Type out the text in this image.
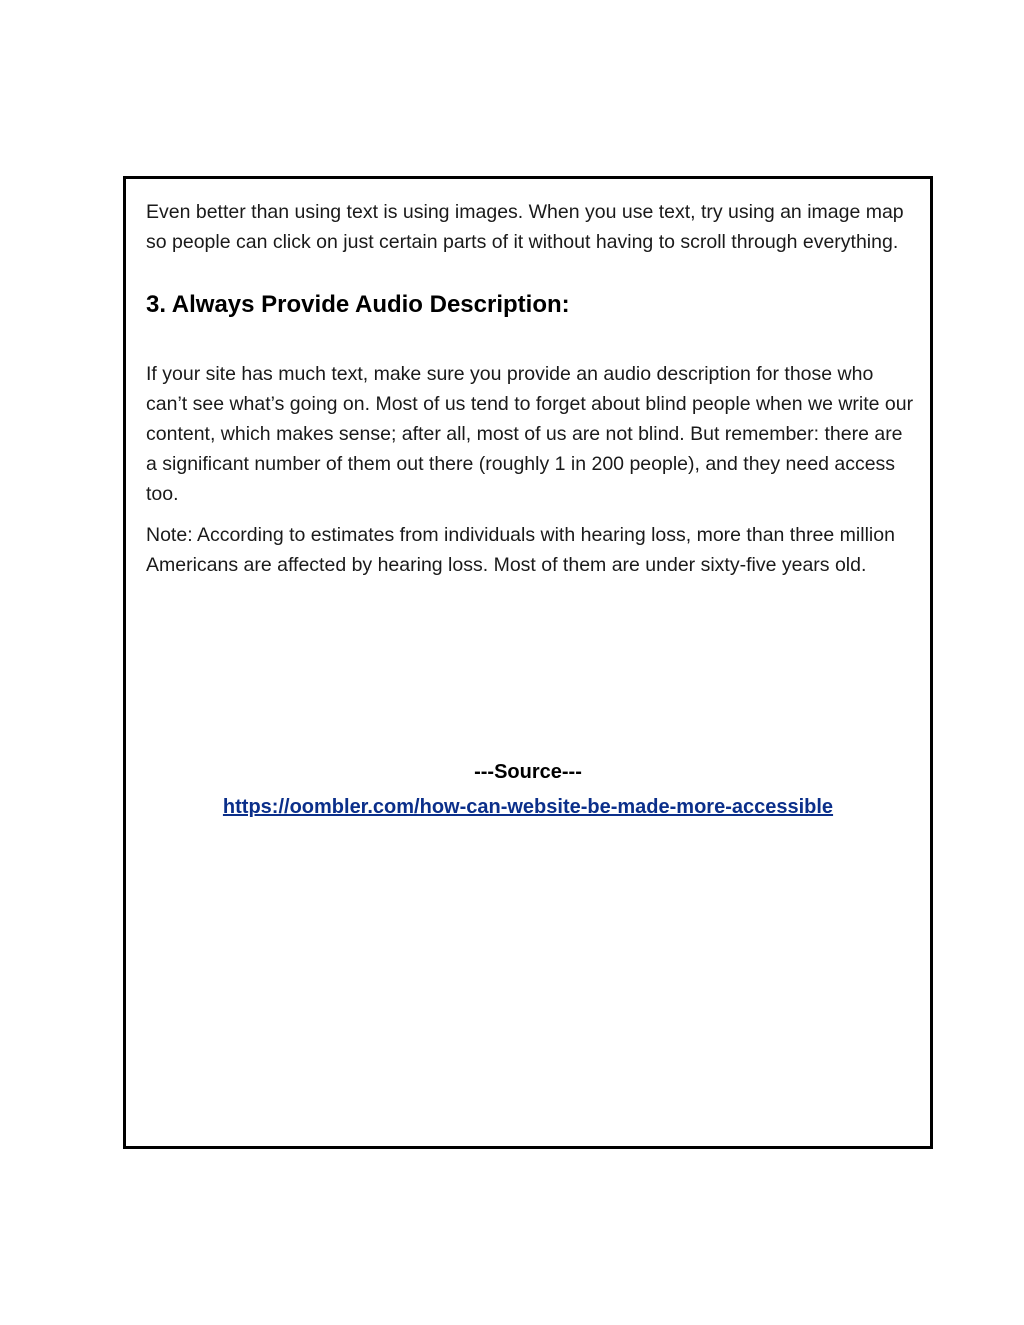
Even better than using text is using images. When you use text, try using an image map so people can click on just certain parts of it without having to scroll through everything.

3. Always Provide Audio Description:

If your site has much text, make sure you provide an audio description for those who can’t see what’s going on. Most of us tend to forget about blind people when we write our content, which makes sense; after all, most of us are not blind. But remember: there are a significant number of them out there (roughly 1 in 200 people), and they need access too.

Note: According to estimates from individuals with hearing loss, more than three million Americans are affected by hearing loss. Most of them are under sixty-five years old.

---Source---

https://oombler.com/how-can-website-be-made-more-accessible
